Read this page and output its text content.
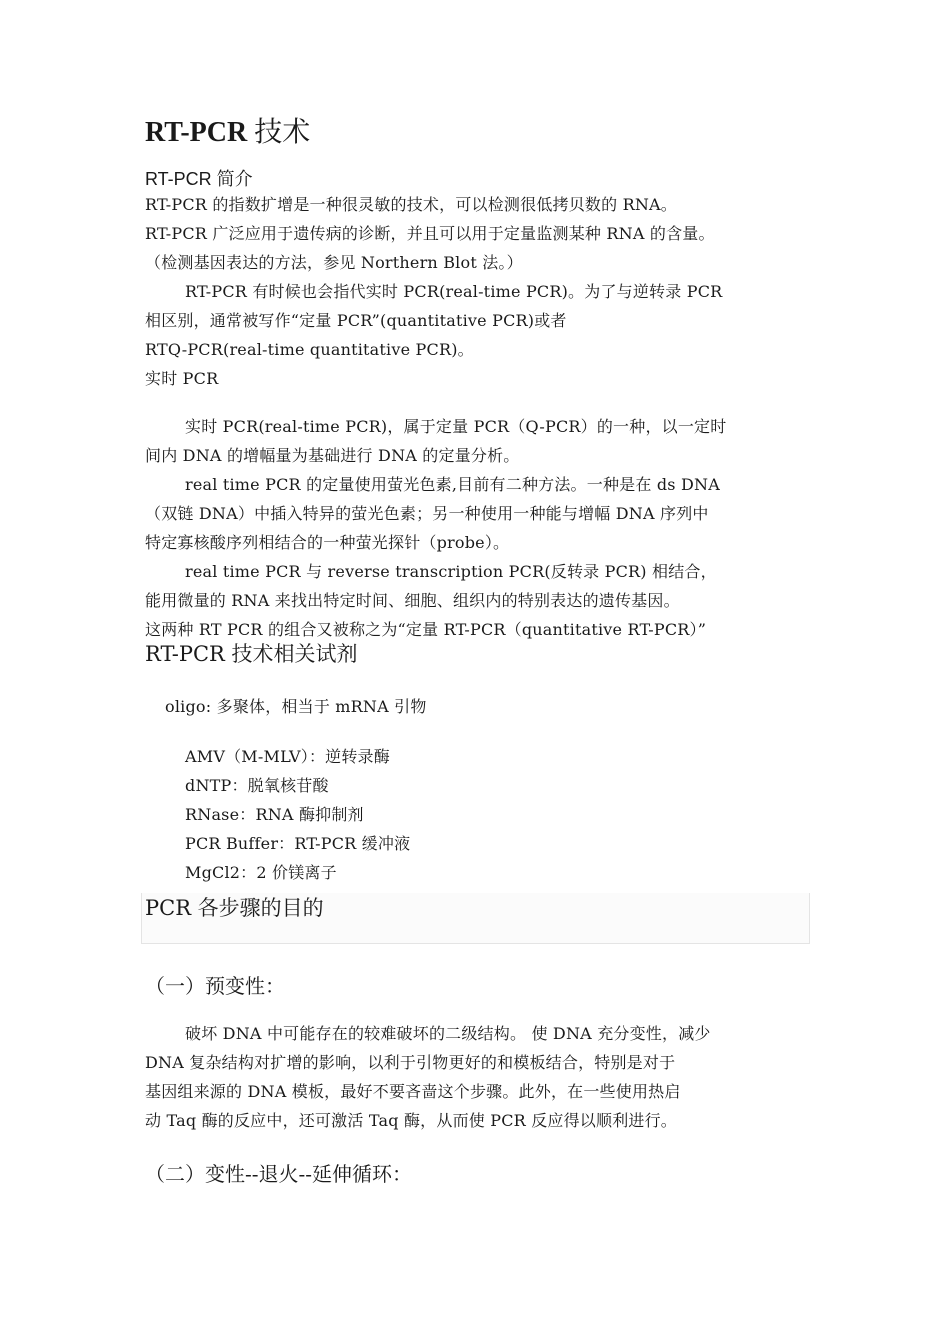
RT-PCR 技术
RT-PCR 简介
RT-PCR 的指数扩增是一种很灵敏的技术，可以检测很低拷贝数的 RNA。
RT-PCR 广泛应用于遗传病的诊断，并且可以用于定量监测某种 RNA 的含量。
（检测基因表达的方法，参见 Northern Blot 法。）
RT-PCR 有时候也会指代实时 PCR(real-time PCR)。为了与逆转录 PCR
相区别，通常被写作“定量 PCR”(quantitative PCR)或者
RTQ-PCR(real-time quantitative PCR)。
实时 PCR
实时 PCR(real-time PCR)，属于定量 PCR（Q-PCR）的一种，以一定时
间内 DNA 的增幅量为基础进行 DNA 的定量分析。
real time PCR 的定量使用萤光色素,目前有二种方法。一种是在 ds DNA
（双链 DNA）中插入特异的萤光色素；另一种使用一种能与增幅 DNA 序列中
特定寡核酸序列相结合的一种萤光探针（probe）。
real time PCR 与 reverse transcription PCR(反转录 PCR) 相结合，
能用微量的 RNA 来找出特定时间、细胞、组织内的特别表达的遗传基因。
这两种 RT PCR 的组合又被称之为“定量 RT-PCR（quantitative RT-PCR）”
RT-PCR 技术相关试剂
oligo: 多聚体，相当于 mRNA 引物
AMV（M-MLV）：逆转录酶
dNTP：脱氧核苷酸
RNase：RNA 酶抑制剂
PCR Buffer：RT-PCR 缓冲液
MgCl2：2 价镁离子
PCR 各步骤的目的
（一）预变性：
破坏 DNA 中可能存在的较难破坏的二级结构。 使 DNA 充分变性，减少
DNA 复杂结构对扩增的影响，以利于引物更好的和模板结合，特别是对于
基因组来源的 DNA 模板，最好不要吝啬这个步骤。此外，在一些使用热启
动 Taq 酶的反应中，还可激活 Taq 酶，从而使 PCR 反应得以顺利进行。
（二）变性--退火--延伸循环：
